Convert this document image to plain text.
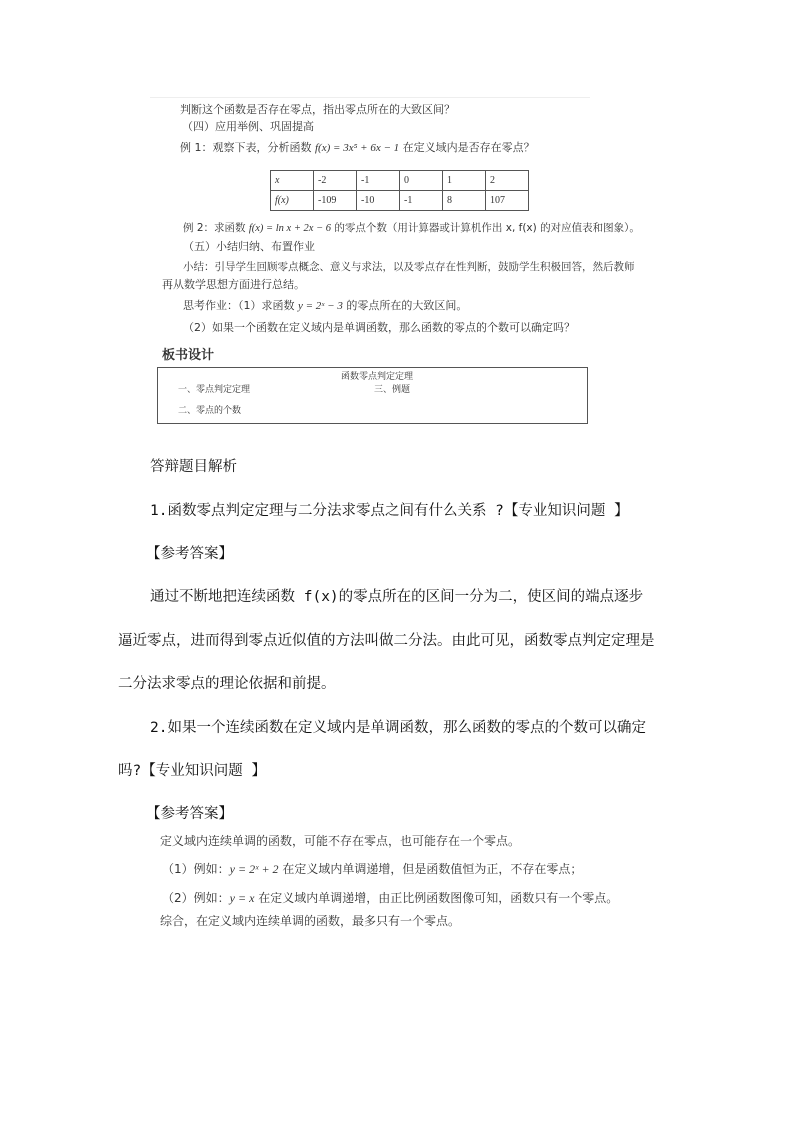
判断这个函数是否存在零点，指出零点所在的大致区间？
（四）应用举例、巩固提高
例 1：观察下表，分析函数 f(x) = 3x⁵ + 6x − 1 在定义域内是否存在零点？
x	-2	-1	0	1	2
f(x)	-109	-10	-1	8	107
例 2：求函数 f(x) = ln x + 2x − 6 的零点个数（用计算器或计算机作出 x, f(x) 的对应值表和图象）。
（五）小结归纳、布置作业
小结：引导学生回顾零点概念、意义与求法，以及零点存在性判断，鼓励学生积极回答，然后教师
再从数学思想方面进行总结。
思考作业：（1）求函数 y = 2ˣ − 3 的零点所在的大致区间。
（2）如果一个函数在定义域内是单调函数，那么函数的零点的个数可以确定吗？
板书设计
函数零点判定定理
一、零点判定定理	三、例题
二、零点的个数
答辩题目解析
1.函数零点判定定理与二分法求零点之间有什么关系 ?【专业知识问题 】
【参考答案】
通过不断地把连续函数 f(x)的零点所在的区间一分为二，使区间的端点逐步
逼近零点，进而得到零点近似值的方法叫做二分法。由此可见，函数零点判定定理是
二分法求零点的理论依据和前提。
2.如果一个连续函数在定义域内是单调函数，那么函数的零点的个数可以确定
吗?【专业知识问题 】
【参考答案】
定义域内连续单调的函数，可能不存在零点，也可能存在一个零点。
（1）例如：y = 2ˣ + 2 在定义域内单调递增，但是函数值恒为正，不存在零点；
（2）例如：y = x 在定义域内单调递增，由正比例函数图像可知，函数只有一个零点。
综合，在定义域内连续单调的函数，最多只有一个零点。
